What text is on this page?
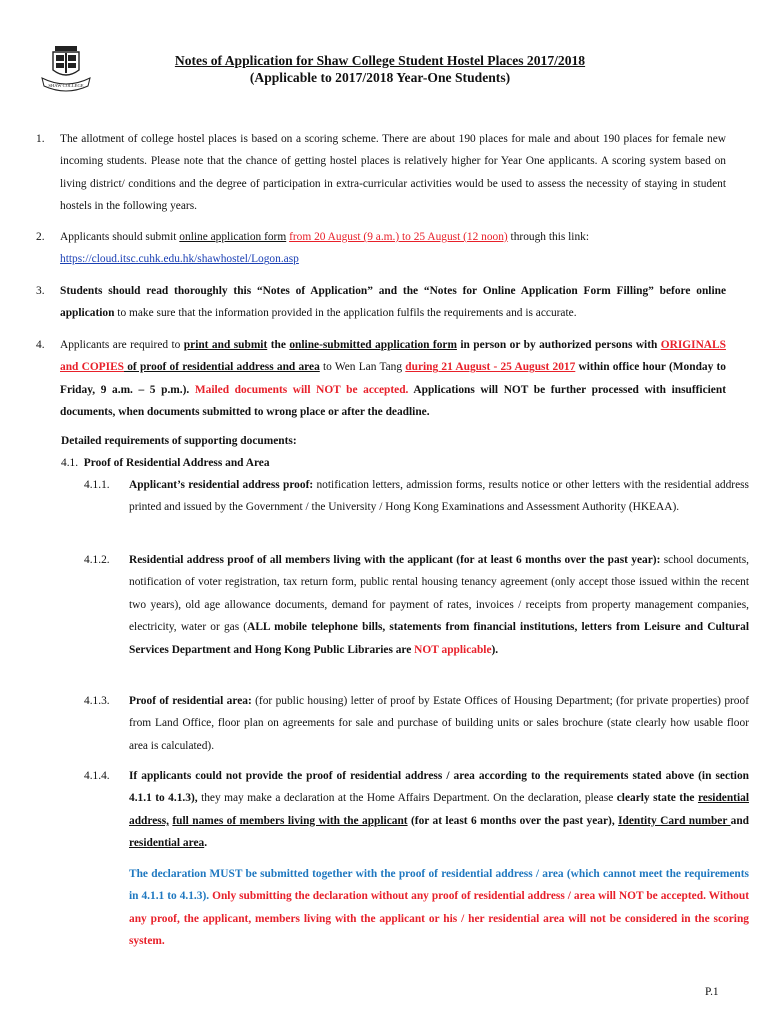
SHAW COLLEGE
Notes of Application for Shaw College Student Hostel Places 2017/2018
(Applicable to 2017/2018 Year-One Students)
1.	The allotment of college hostel places is based on a scoring scheme. There are about 190 places for male and about 190 places for female new incoming students. Please note that the chance of getting hostel places is relatively higher for Year One applicants. A scoring system based on living district/ conditions and the degree of participation in extra-curricular activities would be used to assess the necessity of staying in student hostels in the following years.
2.	Applicants should submit online application form from 20 August (9 a.m.) to 25 August (12 noon) through this link:
https://cloud.itsc.cuhk.edu.hk/shawhostel/Logon.asp
3.	Students should read thoroughly this “Notes of Application” and the “Notes for Online Application Form Filling” before online application to make sure that the information provided in the application fulfils the requirements and is accurate.
4.	Applicants are required to print and submit the online-submitted application form in person or by authorized persons with ORIGINALS and COPIES of proof of residential address and area to Wen Lan Tang during 21 August - 25 August 2017 within office hour (Monday to Friday, 9 a.m. – 5 p.m.). Mailed documents will NOT be accepted. Applications will NOT be further processed with insufficient documents, when documents submitted to wrong place or after the deadline.
Detailed requirements of supporting documents:
4.1. Proof of Residential Address and Area
4.1.1.	Applicant’s residential address proof: notification letters, admission forms, results notice or other letters with the residential address printed and issued by the Government / the University / Hong Kong Examinations and Assessment Authority (HKEAA).
4.1.2.	Residential address proof of all members living with the applicant (for at least 6 months over the past year): school documents, notification of voter registration, tax return form, public rental housing tenancy agreement (only accept those issued within the recent two years), old age allowance documents, demand for payment of rates, invoices / receipts from property management companies, electricity, water or gas (ALL mobile telephone bills, statements from financial institutions, letters from Leisure and Cultural Services Department and Hong Kong Public Libraries are NOT applicable).
4.1.3.	Proof of residential area: (for public housing) letter of proof by Estate Offices of Housing Department; (for private properties) proof from Land Office, floor plan on agreements for sale and purchase of building units or sales brochure (state clearly how usable floor area is calculated).
4.1.4.	If applicants could not provide the proof of residential address / area according to the requirements stated above (in section 4.1.1 to 4.1.3), they may make a declaration at the Home Affairs Department. On the declaration, please clearly state the residential address, full names of members living with the applicant (for at least 6 months over the past year), Identity Card number and residential area.
The declaration MUST be submitted together with the proof of residential address / area (which cannot meet the requirements in 4.1.1 to 4.1.3). Only submitting the declaration without any proof of residential address / area will NOT be accepted. Without any proof, the applicant, members living with the applicant or his / her residential area will not be considered in the scoring system.
P.1
